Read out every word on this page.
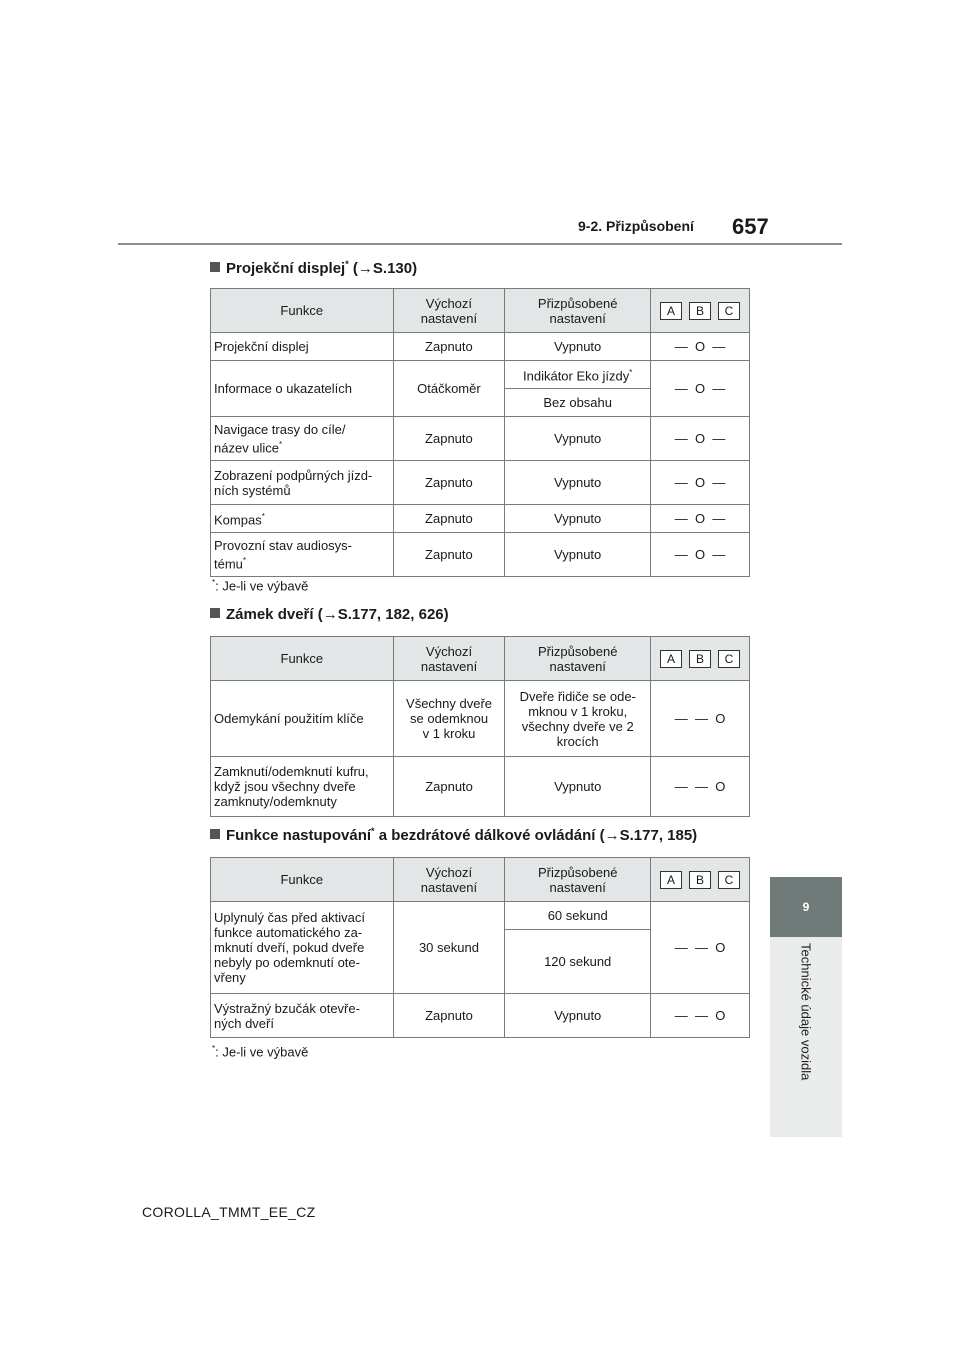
9-2. Přizpůsobení 657
9
Technické údaje vozidla
Projekční displej* (→S.130)
Funkce	Výchozí nastavení	Přizpůsobené nastavení	A B C

Projekční displej	Zapnuto	Vypnuto	— O —
Informace o ukazatelích	Otáčkoměr	Indikátor Eko jízdy*	— O —
		Bez obsahu	
Navigace trasy do cíle/
název ulice*	Zapnuto	Vypnuto	— O —
Zobrazení podpůrných jízd-
ních systémů	Zapnuto	Vypnuto	— O —
Kompas*	Zapnuto	Vypnuto	— O —
Provozní stav audiosys-
tému*	Zapnuto	Vypnuto	— O —
*: Je-li ve výbavě
Zámek dveří (→S.177, 182, 626)
Funkce	Výchozí nastavení	Přizpůsobené nastavení	A B C

Odemykání použitím klíče	Všechny dveře
se odemknou
v 1 kroku	Dveře řidiče se ode-
mknou v 1 kroku,
všechny dveře ve 2
krocích	— — O
Zamknutí/odemknutí kufru,
když jsou všechny dveře
zamknuty/odemknuty	Zapnuto	Vypnuto	— — O
Funkce nastupování* a bezdrátové dálkové ovládání (→S.177, 185)
Funkce	Výchozí nastavení	Přizpůsobené nastavení	A B C

Uplynulý čas před aktivací
funkce automatického za-
mknutí dveří, pokud dveře
nebyly po odemknutí ote-
vřeny	30 sekund	60 sekund	— — O
		120 sekund	
Výstražný bzučák otevře-
ných dveří	Zapnuto	Vypnuto	— — O
*: Je-li ve výbavě
COROLLA_TMMT_EE_CZ
